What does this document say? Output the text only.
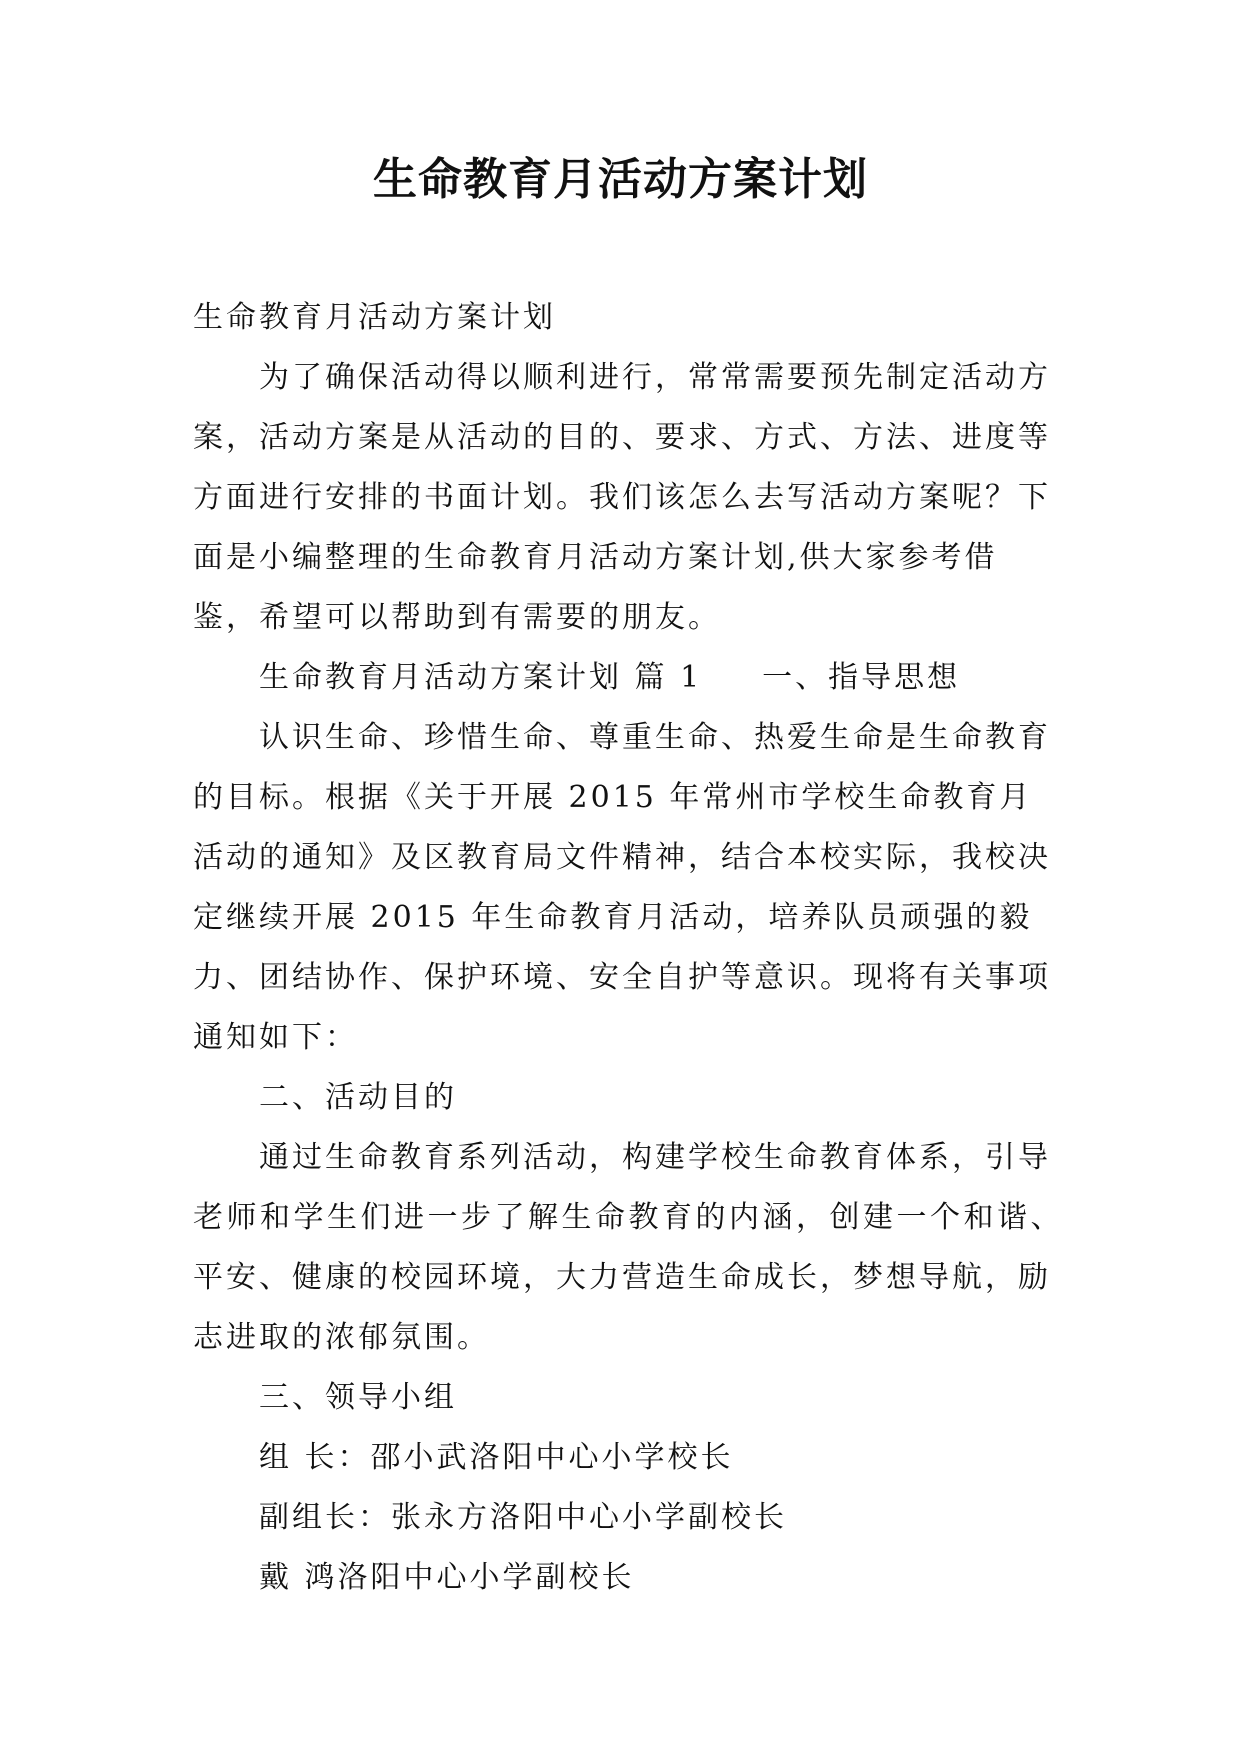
生命教育月活动方案计划

生命教育月活动方案计划

为了确保活动得以顺利进行，常常需要预先制定活动方案，活动方案是从活动的目的、要求、方式、方法、进度等方面进行安排的书面计划。我们该怎么去写活动方案呢？下面是小编整理的生命教育月活动方案计划,供大家参考借鉴，希望可以帮助到有需要的朋友。

生命教育月活动方案计划 篇 1 一、指导思想

认识生命、珍惜生命、尊重生命、热爱生命是生命教育的目标。根据《关于开展 2015 年常州市学校生命教育月活动的通知》及区教育局文件精神，结合本校实际，我校决定继续开展 2015 年生命教育月活动，培养队员顽强的毅力、团结协作、保护环境、安全自护等意识。现将有关事项通知如下：

二、活动目的

通过生命教育系列活动，构建学校生命教育体系，引导

老师和学生们进一步了解生命教育的内涵，创建一个和谐、

平安、健康的校园环境，大力营造生命成长，梦想导航，励志进取的浓郁氛围。

三、领导小组

组 长：邵小武洛阳中心小学校长

副组长：张永方洛阳中心小学副校长

戴 鸿洛阳中心小学副校长
